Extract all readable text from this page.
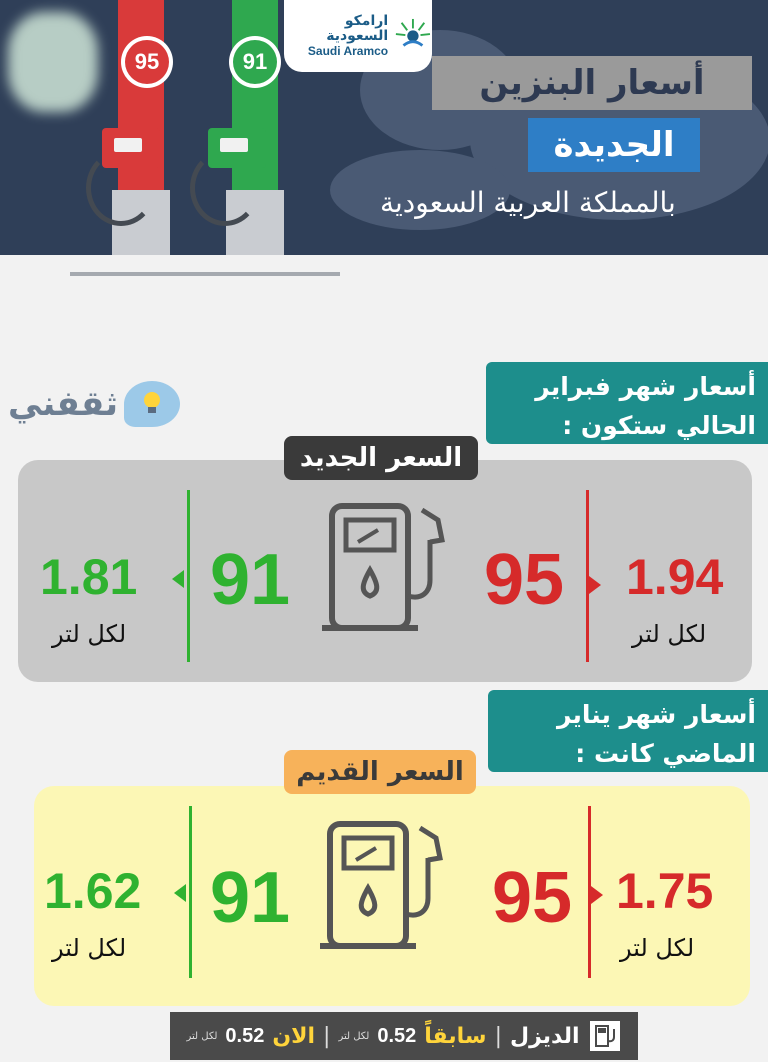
95	91
ارامكو السعودية
Saudi Aramco
أسعار البنزين
الجديدة
بالمملكة العربية السعودية
ثقفني	أسعار شهر فبراير
الحالي ستكون :
السعر الجديد
1.94
لكل لتر
95
91
1.81
لكل لتر
أسعار شهر يناير
الماضي كانت :
السعر القديم
1.75
لكل لتر
95
91
1.62
لكل لتر
الديزل
|
سابقاً
0.52
لكل لتر
|
الان
0.52
لكل لتر
